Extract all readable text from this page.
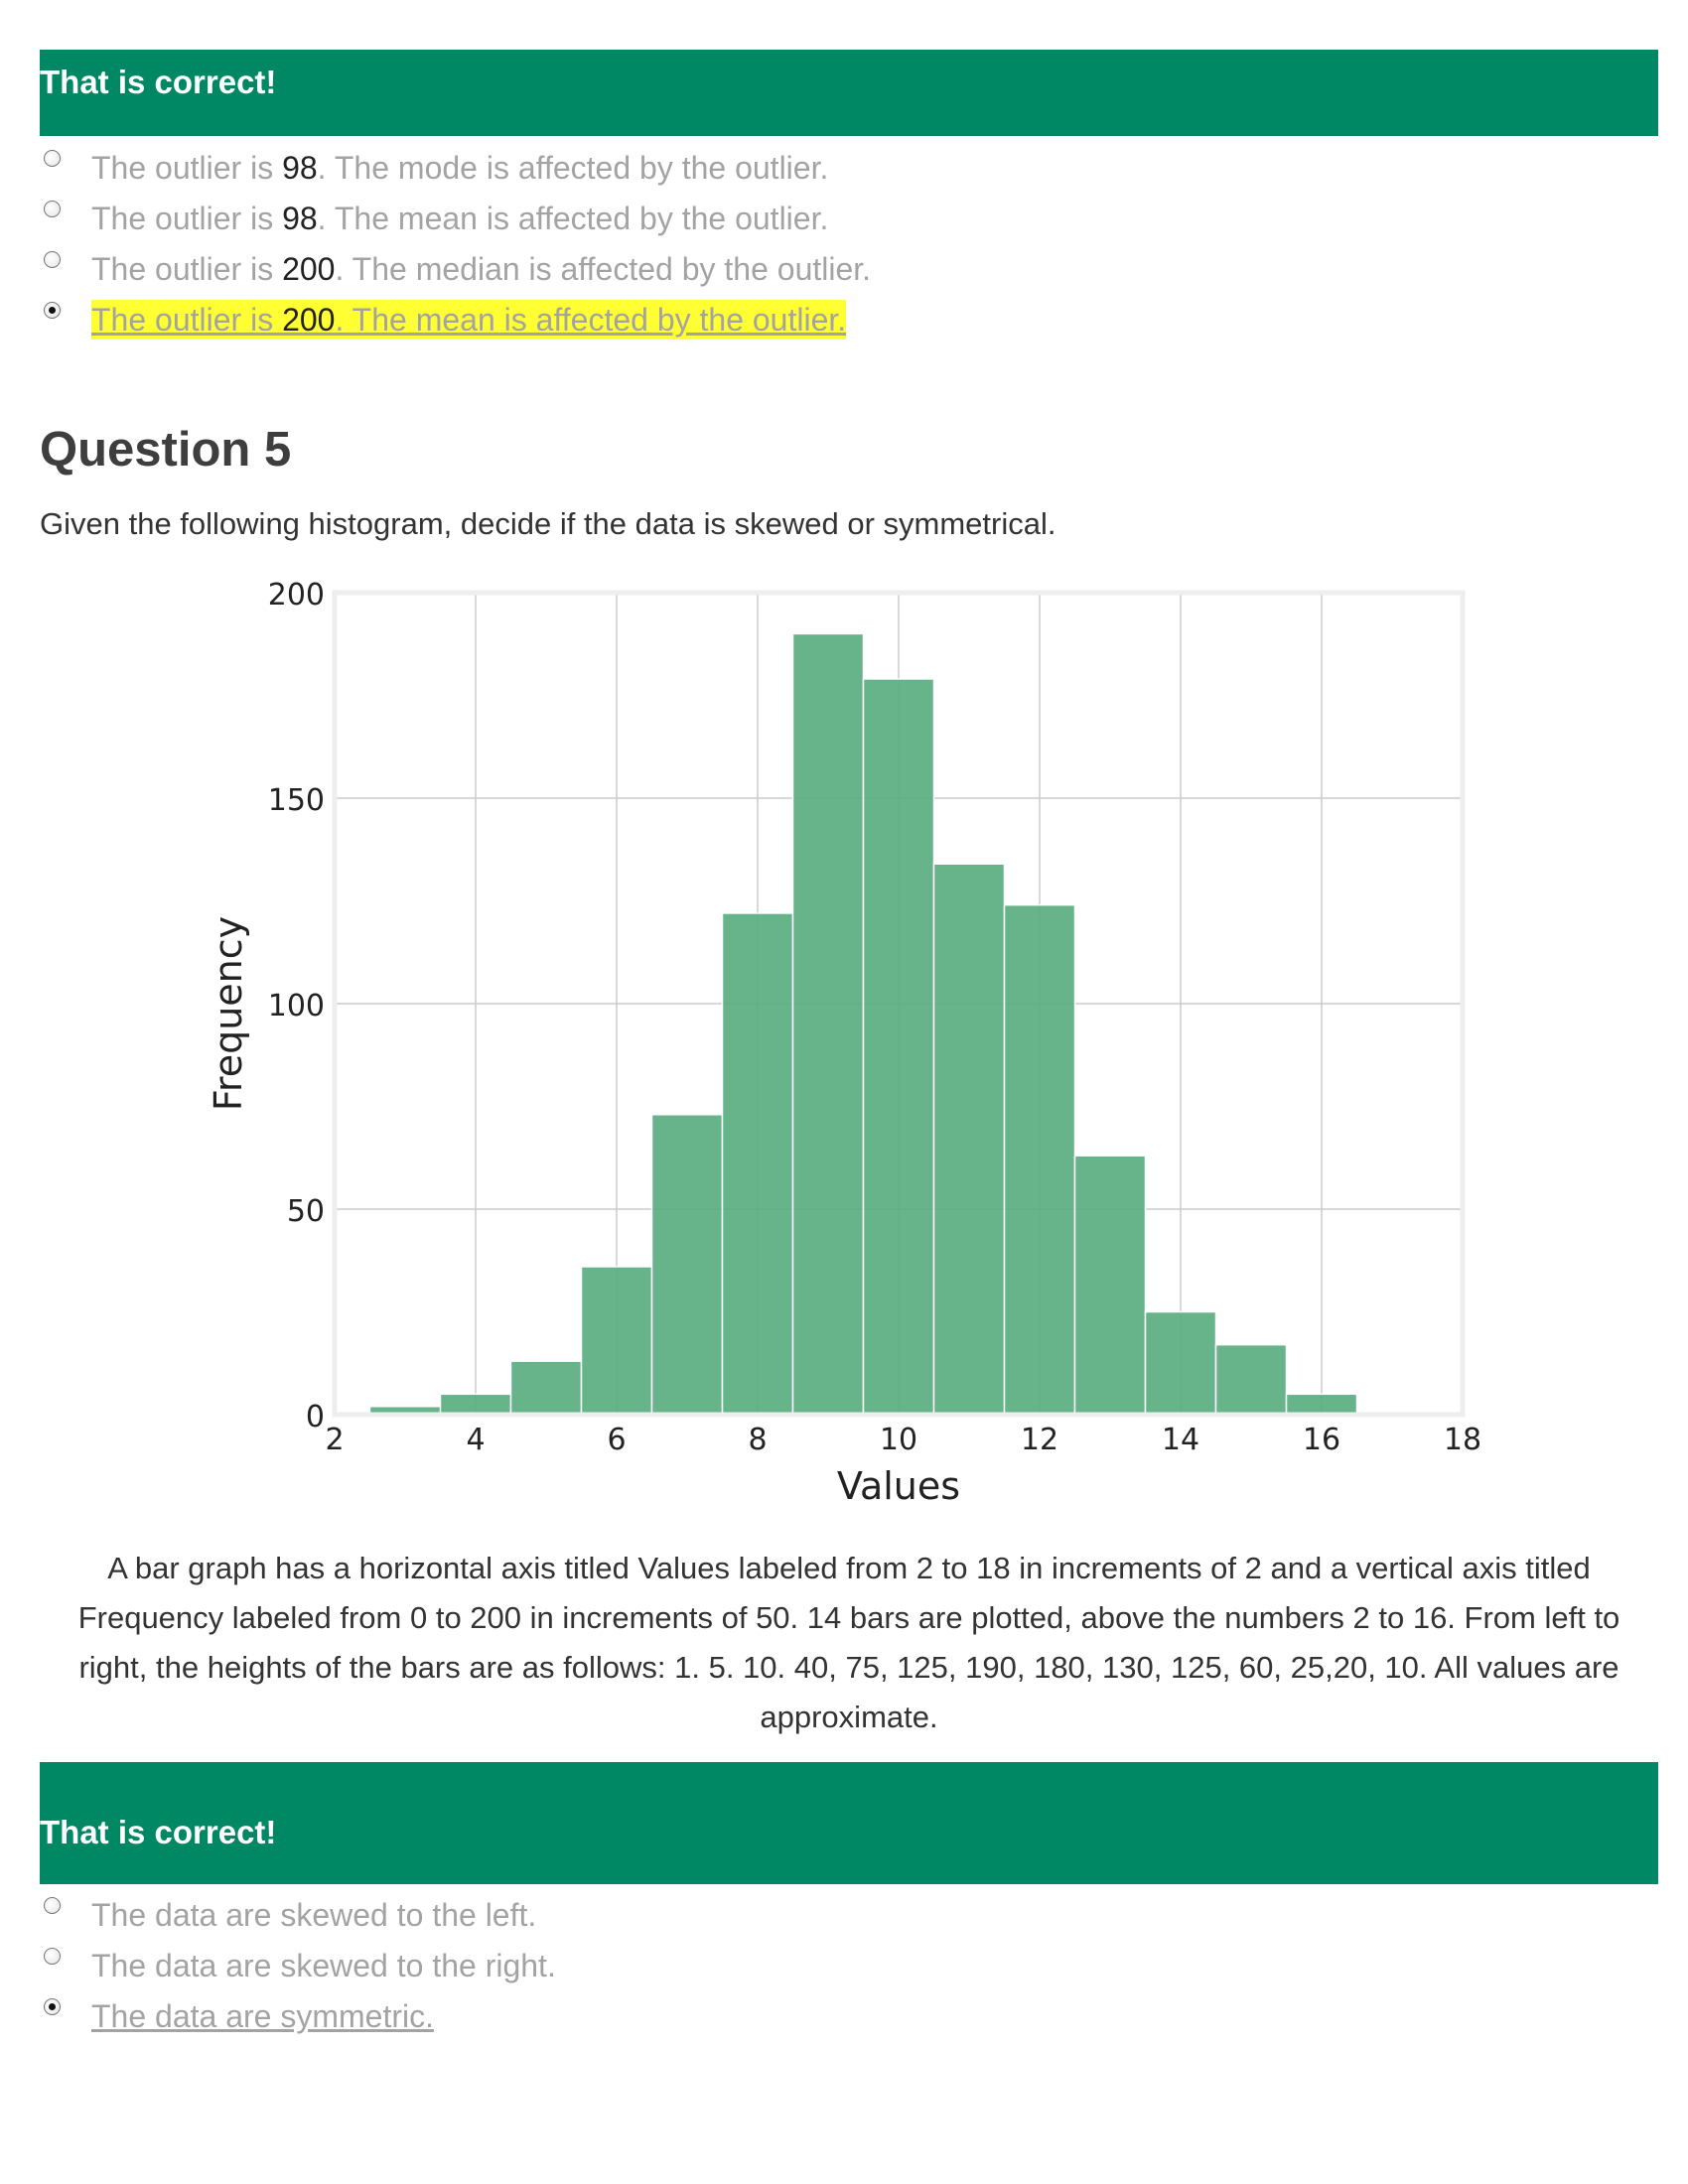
That is correct!
The outlier is 98. The mode is affected by the outlier.
The outlier is 98. The mean is affected by the outlier.
The outlier is 200. The median is affected by the outlier.
The outlier is 200. The mean is affected by the outlier.
Question 5
Given the following histogram, decide if the data is skewed or symmetrical.
2	4	6	8	10	12	14	16	18
0
50
100
150
200
Values
Frequency
A bar graph has a horizontal axis titled Values labeled from 2 to 18 in increments of 2 and a vertical axis titled Frequency labeled from 0 to 200 in increments of 50. 14 bars are plotted, above the numbers 2 to 16. From left to right, the heights of the bars are as follows: 1. 5. 10. 40, 75, 125, 190, 180, 130, 125, 60, 25,20, 10. All values are approximate.
That is correct!
The data are skewed to the left.
The data are skewed to the right.
The data are symmetric.
